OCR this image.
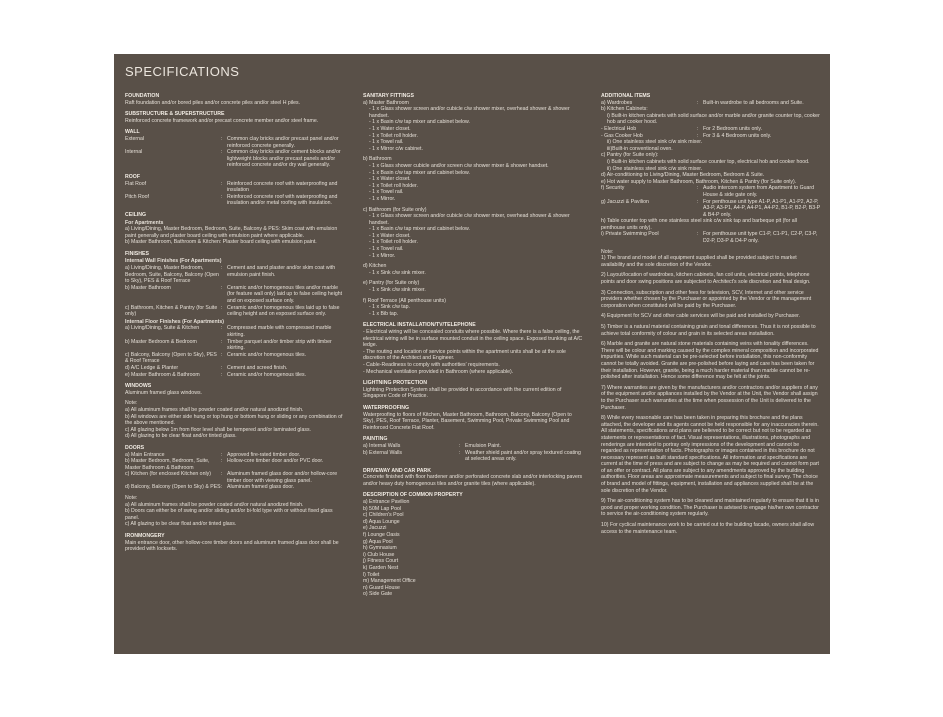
SPECIFICATIONS
FOUNDATION
Raft foundation and/or bored piles and/or concrete piles and/or steel H piles.
SUBSTRUCTURE & SUPERSTRUCTURE
Reinforced concrete framework and/or precast concrete member and/or steel frame.
WALL
External	: Common clay bricks and/or precast panel and/or reinforced concrete generally.
Internal	: Common clay bricks and/or cement blocks and/or lightweight blocks and/or precast panels and/or reinforced concrete and/or dry wall generally.
ROOF
Flat Roof	: Reinforced concrete roof with waterproofing and insulation
Pitch Roof	: Reinforced concrete roof with waterproofing and insulation and/or metal roofing with insulation.
CEILING
For Apartments
a) Living/Dining, Master Bedroom, Bedroom, Suite, Balcony & PES: Skim coat with emulsion paint generally and plaster board ceiling with emulsion paint where applicable.
b) Master Bathroom, Bathroom & Kitchen: Plaster board ceiling with emulsion paint.
FINISHES
Internal Wall Finishes (For Apartments)
a) Living/Dining, Master Bedroom, Bedroom, Suite, Balcony, Balcony (Open to Sky), PES & Roof Terrace
: Cement and sand plaster and/or skim coat with emulsion paint finish.
b) Master Bathroom	: Ceramic and/or homogenous tiles and/or marble (for feature wall only) laid up to false ceiling height and on exposed surface only.
c) Bathroom, Kitchen & Pantry (for Suite only)
: Ceramic and/or homogenous tiles laid up to false ceiling height and on exposed surface only.
Internal Floor Finishes (For Apartments)
a) Living/Dining, Suite & Kitchen	: Compressed marble with compressed marble skirting.
b) Master Bedroom & Bedroom	: Timber parquet and/or timber strip with timber skirting.
c) Balcony, Balcony (Open to Sky), PES & Roof Terrace
: Ceramic and/or homogenous tiles.
d) A/C Ledge & Planter	: Cement and screed finish.
e) Master Bathroom & Bathroom	: Ceramic and/or homogenous tiles.
WINDOWS
Aluminum framed glass windows.
Note:
a) All aluminum frames shall be powder coated and/or natural anodized finish.
b) All windows are either side hung or top hung or bottom hung or sliding or any combination of the above mentioned.
c) All glazing below 1m from floor level shall be tempered and/or laminated glass.
d) All glazing to be clear float and/or tinted glass.
DOORS
a) Main Entrance	: Approved fire-rated timber door.
b) Master Bedroom, Bedroom, Suite, Master Bathroom & Bathroom
: Hollow-core timber door and/or PVC door.
c) Kitchen (for enclosed Kitchen only)	: Aluminum framed glass door and/or hollow-core timber door with viewing glass panel.
d) Balcony, Balcony (Open to Sky) & PES : Aluminum framed glass door.
Note:
a) All aluminum frames shall be powder coated and/or natural anodized finish.
b) Doors can either be of swing and/or sliding and/or bi-fold type with or without fixed glass panel.
c) All glazing to be clear float and/or tinted glass.
IRONMONGERY
Main entrance door, other hollow-core timber doors and aluminum framed glass door shall be provided with locksets.
SANITARY FITTINGS
a) Master Bathroom
- 1 x Glass shower screen and/or cubicle c/w shower mixer, overhead shower & shower handset.
- 1 x Basin c/w tap mixer and cabinet below.
- 1 x Water closet.
- 1 x Toilet roll holder.
- 1 x Towel rail.
- 1 x Mirror c/w cabinet.
b) Bathroom
- 1 x Glass shower cubicle and/or screen c/w shower mixer & shower handset.
- 1 x Basin c/w tap mixer and cabinet below.
- 1 x Water closet.
- 1 x Toilet roll holder.
- 1 x Towel rail.
- 1 x Mirror.
c) Bathroom (for Suite only)
- 1 x Glass shower screen and/or cubicle c/w shower mixer, overhead shower & shower handset.
- 1 x Basin c/w tap mixer and cabinet below.
- 1 x Water closet.
- 1 x Toilet roll holder.
- 1 x Towel rail.
- 1 x Mirror.
d) Kitchen
- 1 x Sink c/w sink mixer.
e) Pantry (for Suite only)
- 1 x Sink c/w sink mixer.
f) Roof Terrace (All penthouse units)
- 1 x Sink c/w tap.
- 1 x Bib tap.
ELECTRICAL INSTALLATION/TV/TELEPHONE
- Electrical wiring will be concealed conduits where possible. Where there is a false ceiling, the electrical wiring will be in surface mounted conduit in the ceiling space. Exposed trunking at A/C ledge.
- The routing and location of service points within the apartment units shall be at the sole discretion of the Architect and Engineer.
- Cable-Readiness to comply with authorities' requirements.
- Mechanical ventilation provided in Bathroom (where applicable).
LIGHTNING PROTECTION
Lightning Protection System shall be provided in accordance with the current edition of Singapore Code of Practice.
WATERPROOFING
Waterproofing to floors of Kitchen, Master Bathroom, Bathroom, Balcony, Balcony (Open to Sky), PES, Roof Terrace, Planter, Basement, Swimming Pool, Private Swimming Pool and Reinforced Concrete Flat Roof.
PAINTING
a) Internal Walls	: Emulsion Paint.
b) External Walls	: Weather shield paint and/or spray textured coating at selected areas only.
DRIVEWAY AND CAR PARK
Concrete finished with floor hardener and/or perforated concrete slab and/or interlocking pavers and/or heavy duty homogenous tiles and/or granite tiles (where applicable).
DESCRIPTION OF COMMON PROPERTY
a) Entrance Pavilion
b) 50M Lap Pool
c) Children's Pool
d) Aqua Lounge
e) Jacuzzi
f) Lounge Oasis
g) Aqua Pool
h) Gymnasium
i) Club House
j) Fitness Court
k) Garden Nest
l) Toilet
m) Management Office
n) Guard House
o) Side Gate
ADDITIONAL ITEMS
a) Wardrobes	: Built-in wardrobe to all bedrooms and Suite.
b) Kitchen Cabinets:
i) Built-in kitchen cabinets with solid surface and/or marble and/or granite counter top, cooker hob and cooker hood.
- Electrical Hob	: For 2 Bedroom units only.
- Gas Cooker Hob	: For 3 & 4 Bedroom units only.
ii) One stainless steel sink c/w sink mixer.
iii)Built-in conventional oven.
c) Pantry (for Suite only):
i) Built-in kitchen cabinets with solid surface counter top, electrical hob and cooker hood.
ii) One stainless steel sink c/w sink mixer.
d) Air-conditioning to Living/Dining, Master Bedroom, Bedroom & Suite.
e) Hot water supply to Master Bathroom, Bathroom, Kitchen & Pantry (for Suite only).
f) Security	: Audio intercom system from Apartment to Guard House & side gate only.
g) Jacuzzi & Pavilion	: For penthouse unit type A1-P, A1-P1, A1-P2, A2-P, A3-P, A3-P1, A4-P, A4-P1, A4-P2, B1-P, B2-P, B3-P & B4-P only.
h) Table counter top with one stainless steel sink c/w sink tap and barbeque pit (for all penthouse units only).
i) Private Swimming Pool	: For penthouse unit type C1-P, C1-P1, C2-P, C3-P, D2-P, D3-P & D4-P only.
Note:
1) The brand and model of all equipment supplied shall be provided subject to market availability and the sole discretion of the Vendor.
2) Layout/location of wardrobes, kitchen cabinets, fan coil units, electrical points, telephone points and door swing positions are subjected to Architect's sole discretion and final design.
3) Connection, subscription and other fees for television, SCV, Internet and other service providers whether chosen by the Purchaser or appointed by the Vendor or the management corporation when constituted will be paid by the Purchaser.
4) Equipment for SCV and other cable services will be paid and installed by Purchaser.
5) Timber is a natural material containing grain and tonal differences. Thus it is not possible to achieve total conformity of colour and grain in its selected areas installation.
6) Marble and granite are natural stone materials containing veins with tonality differences. There will be colour and marking caused by the complex mineral composition and incorporated impurities. While such material can be pre-selected before installation, this non-conformity cannot be totally avoided. Granite are pre-polished before laying and care has been taken for their installation. However, granite, being a much harder material than marble cannot be re-polished after installation. Hence some difference may be felt at the joints.
7) Where warranties are given by the manufacturers and/or contractors and/or suppliers of any of the equipment and/or appliances installed by the Vendor at the Unit, the Vendor shall assign to the Purchaser such warranties at the time when possession of the Unit is delivered to the Purchaser.
8) While every reasonable care has been taken in preparing this brochure and the plans attached, the developer and its agents cannot be held responsible for any inaccuracies therein. All statements, specifications and plans are believed to be correct but not to be regarded as statements or representations of fact. Visual representations, illustrations, photographs and renderings are intended to portray only impressions of the development and cannot be regarded as representation of facts. Photographs or images contained in this brochure do not necessary represent as built standard specifications. All information and specifications are current at the time of press and are subject to change as may be required and cannot form part of an offer or contract. All plans are subject to any amendments approved by the building authorities. Floor areas are approximate measurements and subject to final survey. The choice of brand and model of fittings, equipment, installation and appliances supplied shall be at the sole discretion of the Vendor.
9) The air-conditioning system has to be cleaned and maintained regularly to ensure that it is in good and proper working condition. The Purchaser is advised to engage his/her own contractor to service the air-conditioning system regularly.
10) For cyclical maintenance work to be carried out to the building facade, owners shall allow access to the maintenance team.
